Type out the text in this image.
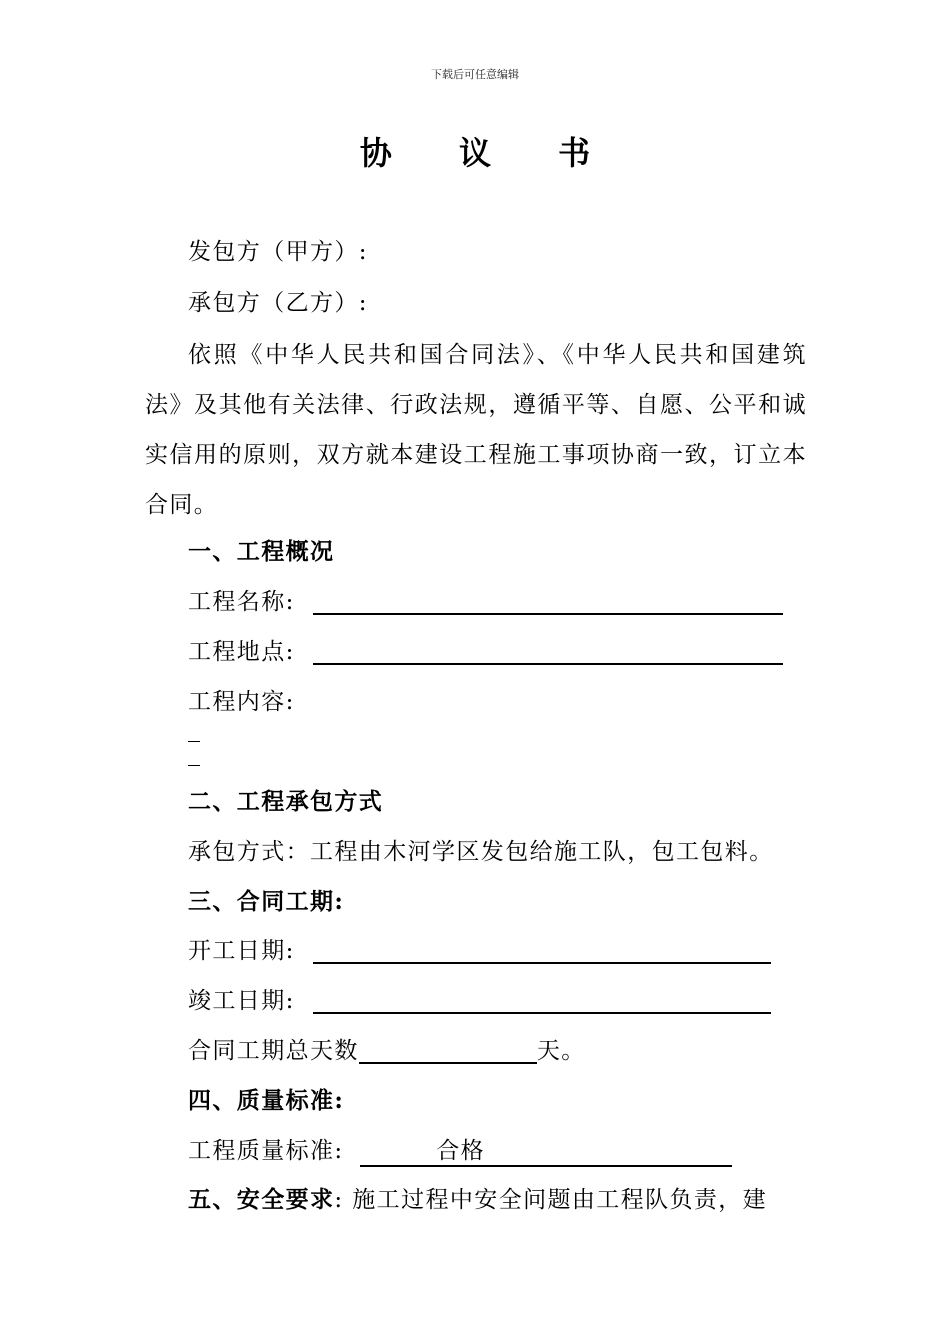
下载后可任意编辑
协 议 书
发包方（甲方）:
承包方（乙方）:
依照《中华人民共和国合同法》、《中华人民共和国建筑法》及其他有关法律、行政法规，遵循平等、自愿、公平和诚实信用的原则，双方就本建设工程施工事项协商一致，订立本合同。
一、工程概况
工程名称:
工程地点:
工程内容:
二、工程承包方式
承包方式：工程由木河学区发包给施工队，包工包料。
三、合同工期:
开工日期:
竣工日期:
合同工期总天数	天。
四、质量标准:
工程质量标准:	合格
五、安全要求: 施工过程中安全问题由工程队负责，建
